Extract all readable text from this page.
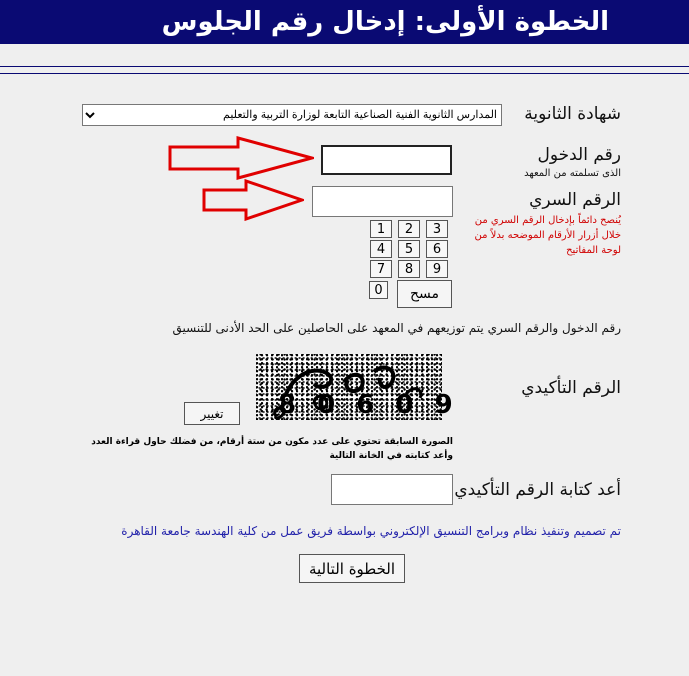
الخطوة الأولى: إدخال رقم الجلوس
شهادة الثانوية
المدارس الثانوية الفنية الصناعية التابعة لوزارة التربية والتعليم
رقم الدخول
الذى تسلمته من المعهد
الرقم السري
يُنصح دائماً بإدخال الرقم السري من
خلال أزرار الأرقام الموضحه بدلاً من
لوحة المفاتيح
3
2
1
6
5
4
9
8
7
0	مسح
رقم الدخول والرقم السري يتم توزيعهم في المعهد على الحاصلين على الحد الأدنى للتنسيق
الرقم التأكيدي
8 0 6 0 9
تغيير
الصورة السابقة تحتوي على عدد مكون من ستة أرقام، من فضلك حاول قراءة العدد
وأعد كتابته في الخانة التالية
أعد كتابة الرقم التأكيدي
تم تصميم وتنفيذ نظام وبرامج التنسيق الإلكتروني بواسطة فريق عمل من كلية الهندسة جامعة القاهرة
الخطوة التالية
